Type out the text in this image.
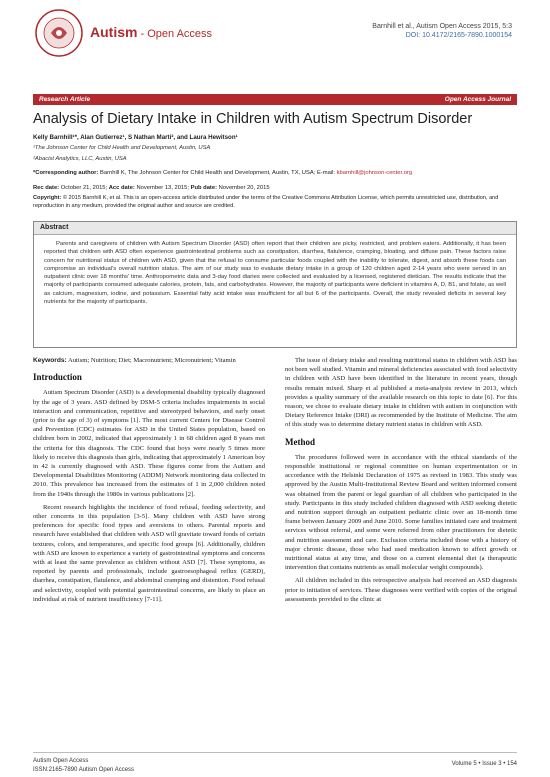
Autism - Open Access
Barnhill et al., Autism Open Access 2015, 5:3
DOI: 10.4172/2165-7890.1000154
Research Article	Open Access Journal
Analysis of Dietary Intake in Children with Autism Spectrum Disorder
Kelly Barnhill¹*, Alan Gutierrez¹, S Nathan Marti², and Laura Hewitson¹
¹The Johnson Center for Child Health and Development, Austin, USA
²Abacist Analytics, LLC, Austin, USA
*Corresponding author: Barnhill K, The Johnson Center for Child Health and Development, Austin, TX, USA; E-mail: kbarnhill@johnson-center.org
Rec date: October 21, 2015; Acc date: November 13, 2015; Pub date: November 20, 2015
Copyright: © 2015 Barnhill K, et al. This is an open-access article distributed under the terms of the Creative Commons Attribution License, which permits unrestricted use, distribution, and reproduction in any medium, provided the original author and source are credited.
Abstract
Parents and caregivers of children with Autism Spectrum Disorder (ASD) often report that their children are picky, restricted, and problem eaters. Additionally, it has been reported that children with ASD often experience gastrointestinal problems such as constipation, diarrhea, flatulence, cramping, bloating, and diffuse pain. These factors raise concern for nutritional status of children with ASD, given that the refusal to consume particular foods coupled with the inability to tolerate, digest, and absorb these foods can compromise an individual's overall nutrition status. The aim of our study was to evaluate dietary intake in a group of 120 children aged 2-14 years who were served in an outpatient clinic over 18 months' time. Anthropometric data and 3-day food diaries were collected and evaluated by a licensed, registered dietician. The results indicate that the majority of participants consumed adequate calories, protein, fats, and carbohydrates. However, the majority of participants were deficient in vitamins A, D, B1, and folate, as well as calcium, magnesium, iodine, and potassium. Essential fatty acid intake was insufficient for all but 6 of the participants. Overall, the study revealed deficits in several key nutrients for the majority of participants.

Keywords: Autism; Nutrition; Diet; Macronutrient; Micronutrient; Vitamin

Introduction

Autism Spectrum Disorder (ASD) is a developmental disability typically diagnosed by the age of 3 years. ASD defined by DSM-5 criteria includes impairments in social interaction and communication, repetitive and stereotyped behaviors, and early onset (prior to the age of 3) of symptoms [1]. The most current Centers for Disease Control and Prevention (CDC) estimates for ASD in the United States population, based on children born in 2002, indicated that approximately 1 in 68 children aged 8 years met the criteria for this diagnosis. The CDC found that boys were nearly 5 times more likely to receive this diagnosis than girls, indicating that approximately 1 American boy in 42 is currently diagnosed with ASD. These figures come from the Autism and Developmental Disabilities Monitoring (ADDM) Network monitoring data collected in 2010. This prevalence has increased from the estimates of 1 in 2,000 children noted from the 1940s through the 1980s in various publications [2].

Recent research highlights the incidence of food refusal, feeding selectivity, and other concerns in this population [3-5]. Many children with ASD have strong preferences for specific food types and aversions to others. Parental reports and research have established that children with ASD will gravitate toward foods of certain textures, colors, and temperatures, and specific food groups [6]. Additionally, children with ASD are known to experience a variety of gastrointestinal symptoms and concerns with at least the same prevalence as children without ASD [7]. These symptoms, as reported by parents and professionals, include gastroesophageal reflux (GERD), diarrhea, constipation, flatulence, and abdominal cramping and distention. Food refusal and selectivity, coupled with potential gastrointestinal concerns, are likely to place an individual at risk of nutrient insufficiency [7-11].

The issue of dietary intake and resulting nutritional status in children with ASD has not been well studied. Vitamin and mineral deficiencies associated with food selectivity in children with ASD have been identified in the literature in recent years, though results remain mixed. Sharp et al published a meta-analysis review in 2013, which provides a quality summary of the available research on this topic to date [6]. For this reason, we chose to evaluate dietary intake in children with autism in conjunction with Dietary Reference Intake (DRI) as recommended by the Institute of Medicine. The aim of this study was to determine dietary nutrient status in children with ASD.

Method

The procedures followed were in accordance with the ethical standards of the responsible institutional or regional committee on human experimentation or in accordance with the Helsinki Declaration of 1975 as revised in 1983. This study was approved by the Austin Multi-Institutional Review Board and written informed consent was obtained from the parent or legal guardian of all children who participated in the study. Participants in this study included children diagnosed with ASD seeking dietetic and nutrition support through an outpatient pediatric clinic over an 18-month time frame between January 2009 and June 2010. Some families initiated care and treatment services without referral, and some were referred from other practitioners for dietetic and nutrition assessment and care. Exclusion criteria included those with a history of major chronic disease, those who had used medication known to affect growth or nutritional status at any time, and those on a current elemental diet (a therapeutic intervention that contains nutrients as small molecular weight compounds).

All children included in this retrospective analysis had received an ASD diagnosis prior to initiation of services. These diagnoses were verified with copies of the original assessments provided to the clinic at

Autism Open Access
ISSN:2165-7890 Autism Open Access
Volume 5 • Issue 3 • 154
